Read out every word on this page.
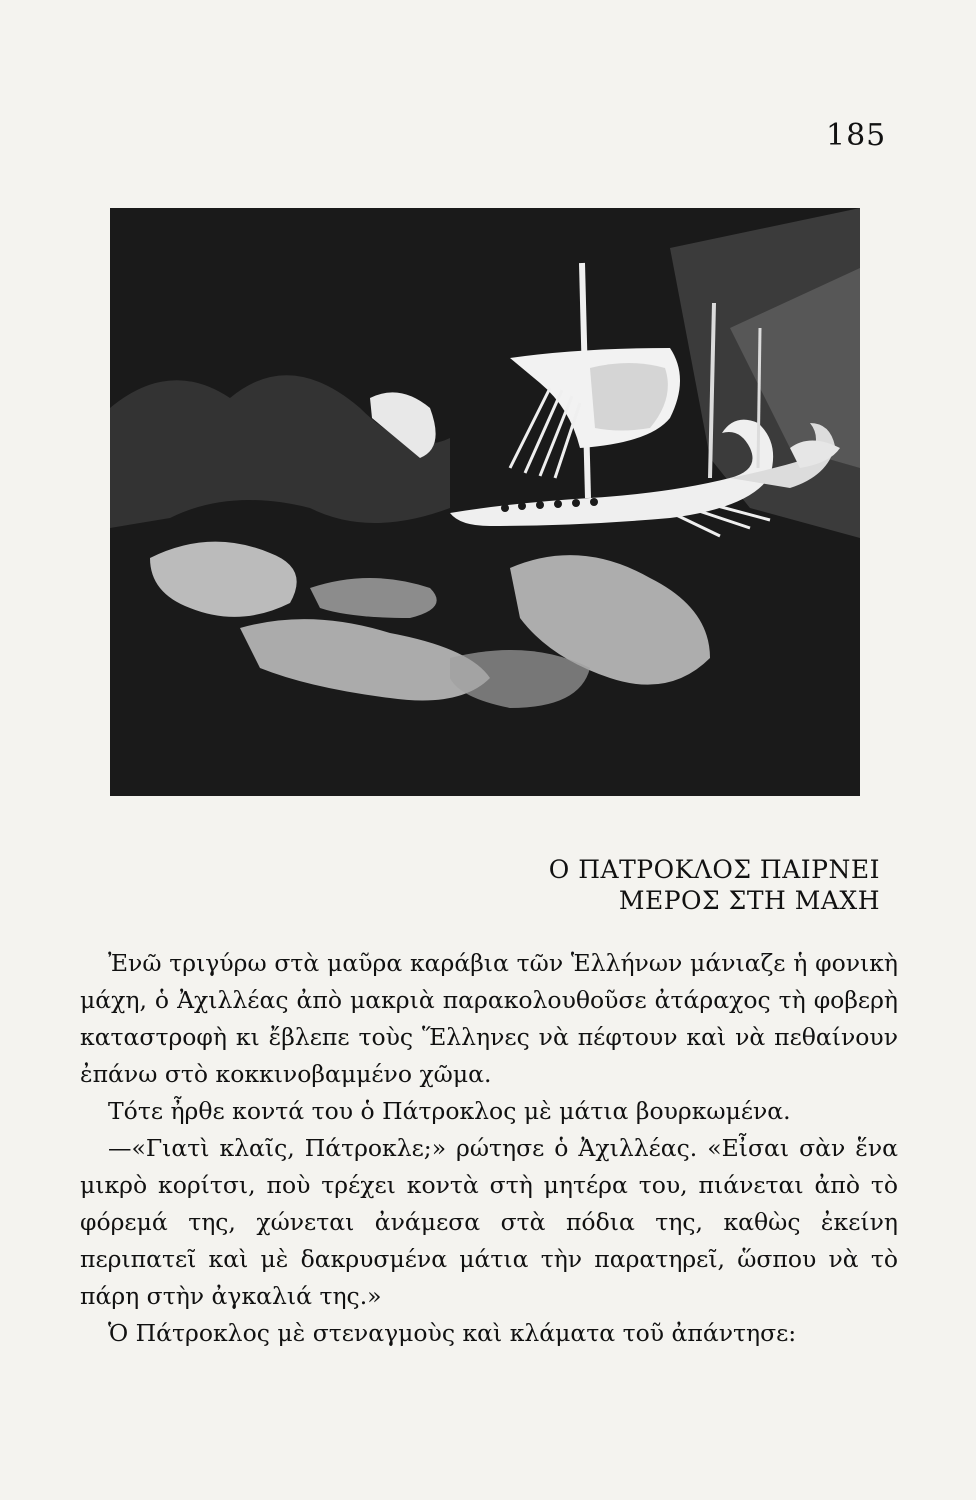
185
Ο ΠΑΤΡΟΚΛΟΣ ΠΑΙΡΝΕΙ
ΜΕΡΟΣ ΣΤΗ ΜΑΧΗ

Ἐνῶ τριγύρω στὰ μαῦρα καράβια τῶν Ἑλλήνων μάνιαζε ἡ φονικὴ μάχη, ὁ Ἀχιλλέας ἀπὸ μακριὰ παρακολουθοῦσε ἀτάραχος τὴ φοβερὴ καταστροφὴ κι ἔβλεπε τοὺς Ἕλληνες νὰ πέφτουν καὶ νὰ πεθαίνουν ἐπάνω στὸ κοκκινοβαμμένο χῶμα.

Τότε ἦρθε κοντά του ὁ Πάτροκλος μὲ μάτια βουρκωμένα.

—«Γιατὶ κλαῖς, Πάτροκλε;» ρώτησε ὁ Ἀχιλλέας. «Εἶσαι σὰν ἕνα μικρὸ κορίτσι, ποὺ τρέχει κοντὰ στὴ μητέρα του, πιάνεται ἀπὸ τὸ φόρεμά της, χώνεται ἀνάμεσα στὰ πόδια της, καθὼς ἐκείνη περιπατεῖ καὶ μὲ δακρυσμένα μάτια τὴν παρατηρεῖ, ὥσπου νὰ τὸ πάρη στὴν ἀγκαλιά της.»

Ὁ Πάτροκλος μὲ στεναγμοὺς καὶ κλάματα τοῦ ἀπάντησε:
